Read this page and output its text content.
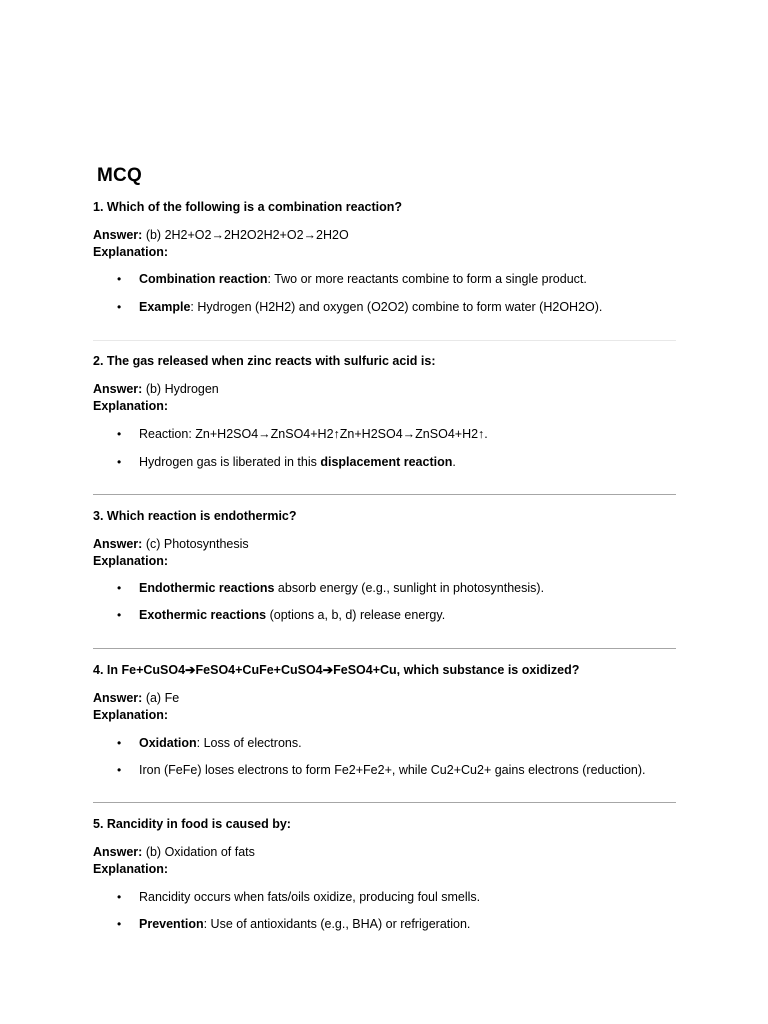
MCQ
1. Which of the following is a combination reaction?
Answer: (b) 2H2+O2→2H2O2H2+O2→2H2O
Explanation:
• Combination reaction: Two or more reactants combine to form a single product.
• Example: Hydrogen (H2H2) and oxygen (O2O2) combine to form water (H2OH2O).
2. The gas released when zinc reacts with sulfuric acid is:
Answer: (b) Hydrogen
Explanation:
• Reaction: Zn+H2SO4→ZnSO4+H2↑Zn+H2SO4→ZnSO4+H2↑.
• Hydrogen gas is liberated in this displacement reaction.
3. Which reaction is endothermic?
Answer: (c) Photosynthesis
Explanation:
• Endothermic reactions absorb energy (e.g., sunlight in photosynthesis).
• Exothermic reactions (options a, b, d) release energy.
4. In Fe+CuSO4➔FeSO4+CuFe+CuSO4➔FeSO4+Cu, which substance is oxidized?
Answer: (a) Fe
Explanation:
• Oxidation: Loss of electrons.
• Iron (FeFe) loses electrons to form Fe2+Fe2+, while Cu2+Cu2+ gains electrons (reduction).
5. Rancidity in food is caused by:
Answer: (b) Oxidation of fats
Explanation:
• Rancidity occurs when fats/oils oxidize, producing foul smells.
• Prevention: Use of antioxidants (e.g., BHA) or refrigeration.
